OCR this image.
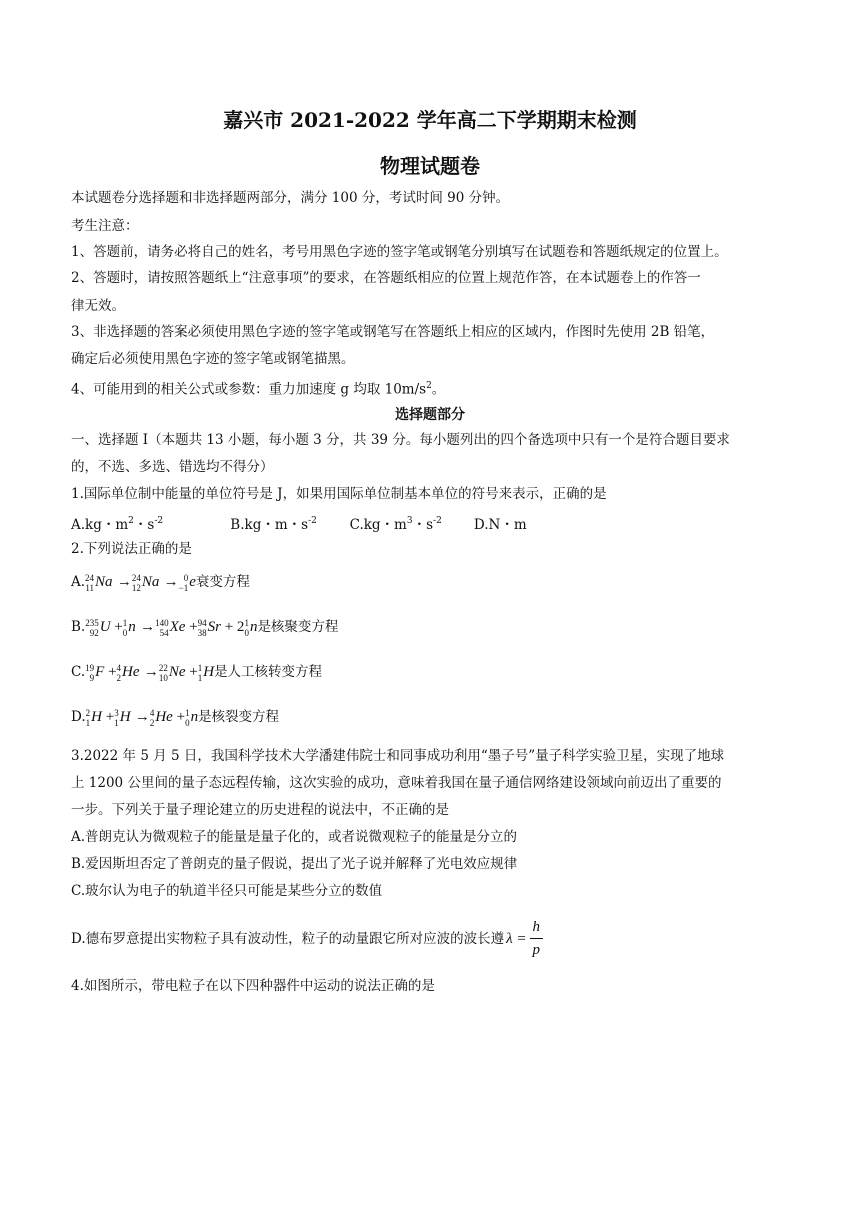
嘉兴市 2021-2022 学年高二下学期期末检测
物理试题卷
本试题卷分选择题和非选择题两部分，满分 100 分，考试时间 90 分钟。
考生注意：
1、答题前，请务必将自己的姓名，考号用黑色字迹的签字笔或钢笔分别填写在试题卷和答题纸规定的位置上。
2、答题时，请按照答题纸上“注意事项”的要求，在答题纸相应的位置上规范作答，在本试题卷上的作答一
律无效。
3、非选择题的答案必须使用黑色字迹的签字笔或钢笔写在答题纸上相应的区域内，作图时先使用 2B 铅笔，
确定后必须使用黑色字迹的签字笔或钢笔描黑。
4、可能用到的相关公式或参数：重力加速度 g 均取 $10m/s^2$。
选择题部分
一、选择题 I（本题共 13 小题，每小题 3 分，共 39 分。每小题列出的四个备选项中只有一个是符合题目要求
的，不选、多选、错选均不得分）
1.国际单位制中能量的单位符号是 J，如果用国际单位制基本单位的符号来表示，正确的是
A.kg・$m^2$・$s^{-2}$	B.kg・m・$s^{-2}$ C.kg・$m^3$・$s^{-2}$ D.N・m
2.下列说法正确的是
A. 24
11 Na → 24
12 Na → 0
−1 e衰变方程
B. 235
92 U + 1
0 n → 140
54 Xe + 94
38 Sr + 2 1
0 n是核聚变方程
C. 19
9 F + 4
2 He → 22
10 Ne + 1
1 H是人工核转变方程
D. 2
1 H + 3
1 H → 4
2 He + 1
0 n是核裂变方程
3.2022 年 5 月 5 日，我国科学技术大学潘建伟院士和同事成功利用“墨子号”量子科学实验卫星，实现了地球
上 1200 公里间的量子态远程传输，这次实验的成功，意味着我国在量子通信网络建设领域向前迈出了重要的
一步。下列关于量子理论建立的历史进程的说法中，不正确的是
A.普朗克认为微观粒子的能量是量子化的，或者说微观粒子的能量是分立的
B.爱因斯坦否定了普朗克的量子假说，提出了光子说并解释了光电效应规律
C.玻尔认为电子的轨道半径只可能是某些分立的数值
D.德布罗意提出实物粒子具有波动性，粒子的动量跟它所对应波的波长遵 $\lambda = \frac{h}{p}$
4.如图所示，带电粒子在以下四种器件中运动的说法正确的是
